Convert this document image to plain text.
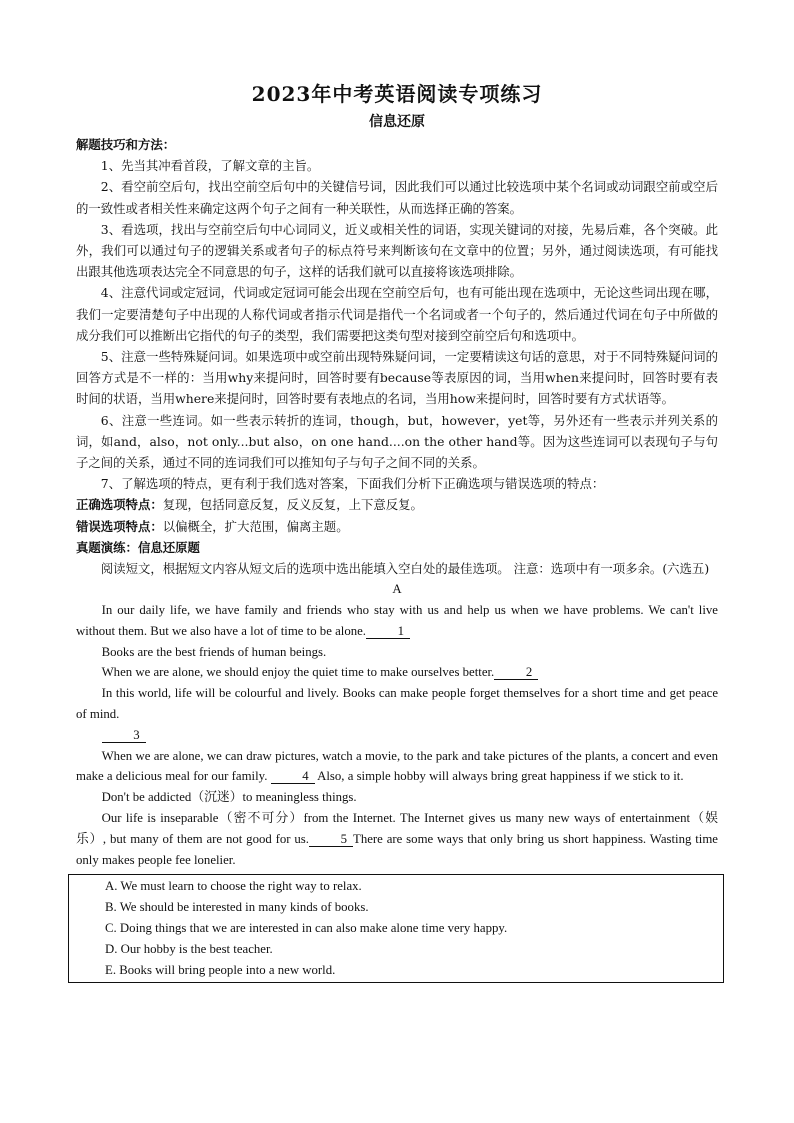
2023年中考英语阅读专项练习

信息还原

解题技巧和方法：

1、先当其冲看首段，了解文章的主旨。

2、看空前空后句，找出空前空后句中的关键信号词，因此我们可以通过比较选项中某个名词或动词跟空前或空后的一致性或者相关性来确定这两个句子之间有一种关联性，从而选择正确的答案。

3、看选项，找出与空前空后句中心词同义，近义或相关性的词语，实现关键词的对接，先易后难，各个突破。此外，我们可以通过句子的逻辑关系或者句子的标点符号来判断该句在文章中的位置；另外，通过阅读选项，有可能找出跟其他选项表达完全不同意思的句子，这样的话我们就可以直接将该选项排除。

4、注意代词或定冠词，代词或定冠词可能会出现在空前空后句，也有可能出现在选项中，无论这些词出现在哪，我们一定要清楚句子中出现的人称代词或者指示代词是指代一个名词或者一个句子的，然后通过代词在句子中所做的成分我们可以推断出它指代的句子的类型，我们需要把这类句型对接到空前空后句和选项中。

5、注意一些特殊疑问词。如果选项中或空前出现特殊疑问词，一定要精读这句话的意思，对于不同特殊疑问词的回答方式是不一样的：当用why来提问时，回答时要有because等表原因的词，当用when来提问时，回答时要有表时间的状语，当用where来提问时，回答时要有表地点的名词，当用how来提问时，回答时要有方式状语等。

6、注意一些连词。如一些表示转折的连词，though，but，however，yet等，另外还有一些表示并列关系的词，如and，also，not only...but also，on one hand....on the other hand等。因为这些连词可以表现句子与句子之间的关系，通过不同的连词我们可以推知句子与句子之间不同的关系。

7、了解选项的特点，更有利于我们选对答案，下面我们分析下正确选项与错误选项的特点：

正确选项特点：复现，包括同意反复，反义反复，上下意反复。

错误选项特点：以偏概全，扩大范围，偏离主题。

真题演练：信息还原题

阅读短文，根据短文内容从短文后的选项中选出能填入空白处的最佳选项。 注意：选项中有一项多余。(六选五)

A

In our daily life, we have family and friends who stay with us and help us when we have problems. We can't live without them. But we also have a lot of time to be alone. 1

Books are the best friends of human beings.

When we are alone, we should enjoy the quiet time to make ourselves better. 2

In this world, life will be colourful and lively. Books can make people forget themselves for a short time and get peace of mind.

3

When we are alone, we can draw pictures, watch a movie, to the park and take pictures of the plants, a concert and even make a delicious meal for our family.	4 Also, a simple hobby will always bring great happiness if we stick to it.

Don't be addicted（沉迷）to meaningless things.

Our life is inseparable（密不可分）from the Internet. The Internet gives us many new ways of entertainment（娱乐）, but many of them are not good for us. 5 There are some ways that only bring us short happiness. Wasting time only makes people fee lonelier.

A. We must learn to choose the right way to relax.

B. We should be interested in many kinds of books.

C. Doing things that we are interested in can also make alone time very happy.

D. Our hobby is the best teacher.

E. Books will bring people into a new world.
